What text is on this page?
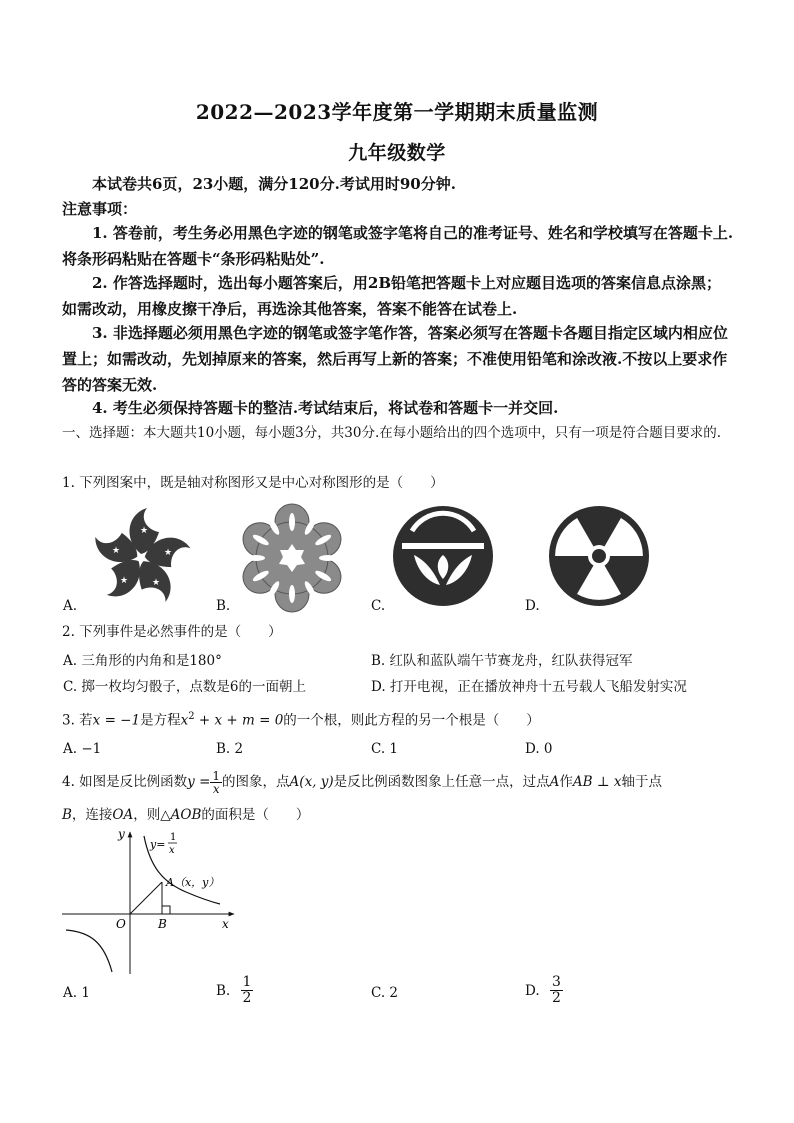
2022—2023学年度第一学期期末质量监测
九年级数学
本试卷共6页，23小题，满分120分.考试用时90分钟.
注意事项：
1. 答卷前，考生务必用黑色字迹的钢笔或签字笔将自己的准考证号、姓名和学校填写在答题卡上.将条形码粘贴在答题卡“条形码粘贴处”.
2. 作答选择题时，选出每小题答案后，用2B铅笔把答题卡上对应题目选项的答案信息点涂黑；如需改动，用橡皮擦干净后，再选涂其他答案，答案不能答在试卷上.
3. 非选择题必须用黑色字迹的钢笔或签字笔作答，答案必须写在答题卡各题目指定区域内相应位置上；如需改动，先划掉原来的答案，然后再写上新的答案；不准使用铅笔和涂改液.不按以上要求作答的答案无效.
4. 考生必须保持答题卡的整洁.考试结束后，将试卷和答题卡一并交回.
一、选择题：本大题共10小题，每小题3分，共30分.在每小题给出的四个选项中，只有一项是符合题目要求的.
1. 下列图案中，既是轴对称图形又是中心对称图形的是（　　）
★
★
★
★
★
A.	B.	C.	D.
2. 下列事件是必然事件的是（　　）
A. 三角形的内角和是180°	B. 红队和蓝队端午节赛龙舟，红队获得冠军
C. 掷一枚均匀骰子，点数是6的一面朝上	D. 打开电视，正在播放神舟十五号载人飞船发射实况
3. 若x = −1是方程$x^2 + x + m = 0$的一个根，则此方程的另一个根是（　　）
A. −1	B. 2	C. 1	D. 0
4. 如图是反比例函数$y = \frac{1}{x}$ 的图象，点A(x, y)是反比例函数图象上任意一点，过点A作AB ⊥ x轴于点
B，连接OA，则△AOB的面积是（　　）
y
x
O	B
y=
1
x
A（x，y）
A. 1	B. $\frac{1}{2}$	C. 2	D. $\frac{3}{2}$
